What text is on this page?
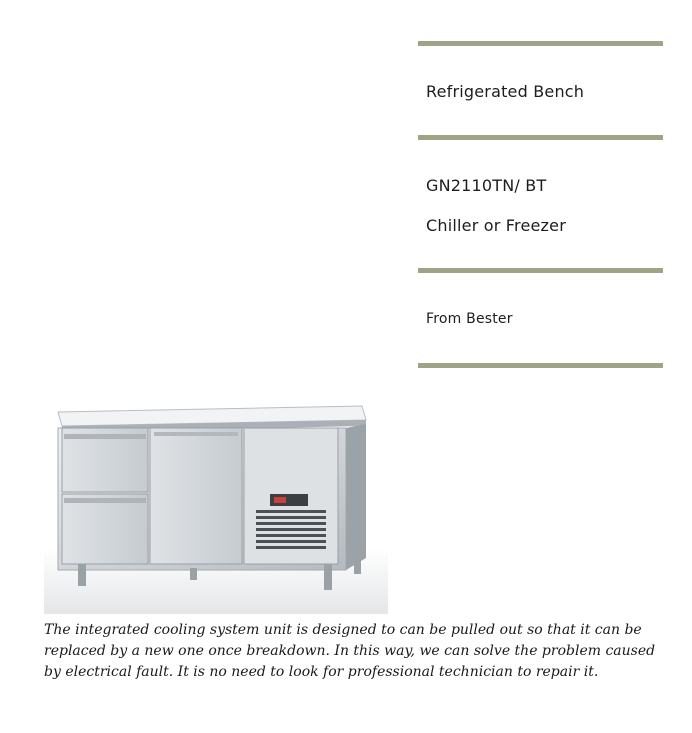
Refrigerated Bench
GN2110TN/ BT
Chiller or Freezer
From Bester

The integrated cooling system unit is designed to can be pulled out so that it can be replaced by a new one once breakdown. In this way, we can solve the problem caused by electrical fault. It is no need to look for professional technician to repair it.
